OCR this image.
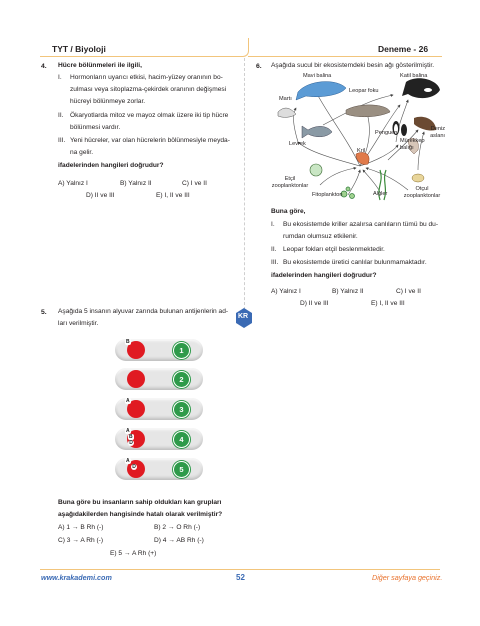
TYT / Biyoloji	Deneme - 26
4. Hücre bölünmeleri ile ilgili,
I. Hormonların uyarıcı etkisi, hacim-yüzey oranının bo-
zulması veya sitoplazma-çekirdek oranının değişmesi
hücreyi bölünmeye zorlar.
II. Ökaryotlarda mitoz ve mayoz olmak üzere iki tip hücre
bölünmesi vardır.
III. Yeni hücreler, var olan hücrelerin bölünmesiyle meyda-
na gelir.
ifadelerinden hangileri doğrudur?
A) Yalnız I	B) Yalnız II	C) I ve II
D) II ve III	E) I, II ve III
6. Aşağıda sucul bir ekosistemdeki besin ağı gösterilmiştir.
Mavi balina	Katil balina
Martı
Leopar foku
Penguen
Deniz aslanı
Levrek	Mürekkep balığı
Kril
Etçil zooplanktonlar
Fitoplankton	Algler
Otçul zooplanktonlar
Buna göre,
I. Bu ekosistemde kriller azalırsa canlıların tümü bu du-
rumdan olumsuz etkilenir.
II. Leopar fokları etçil beslenmektedir.
III. Bu ekosistemde üretici canlılar bulunmamaktadır.
ifadelerinden hangileri doğrudur?
A) Yalnız I	B) Yalnız II	C) I ve II
D) II ve III	E) I, II ve III
KR
5. Aşağıda 5 insanın alyuvar zarında bulunan antijenlerin ad-
ları verilmiştir.
B
1
2
A
3
A
B
D	4
A
D	5
Buna göre bu insanların sahip oldukları kan grupları
aşağıdakilerden hangisinde hatalı olarak verilmiştir?
A) 1 → B Rh (-)	B) 2 → O Rh (-)
C) 3 → A Rh (-)	D) 4 → AB Rh (-)
E) 5 → A Rh (+)
www.krakademi.com	52	Diğer sayfaya geçiniz.
